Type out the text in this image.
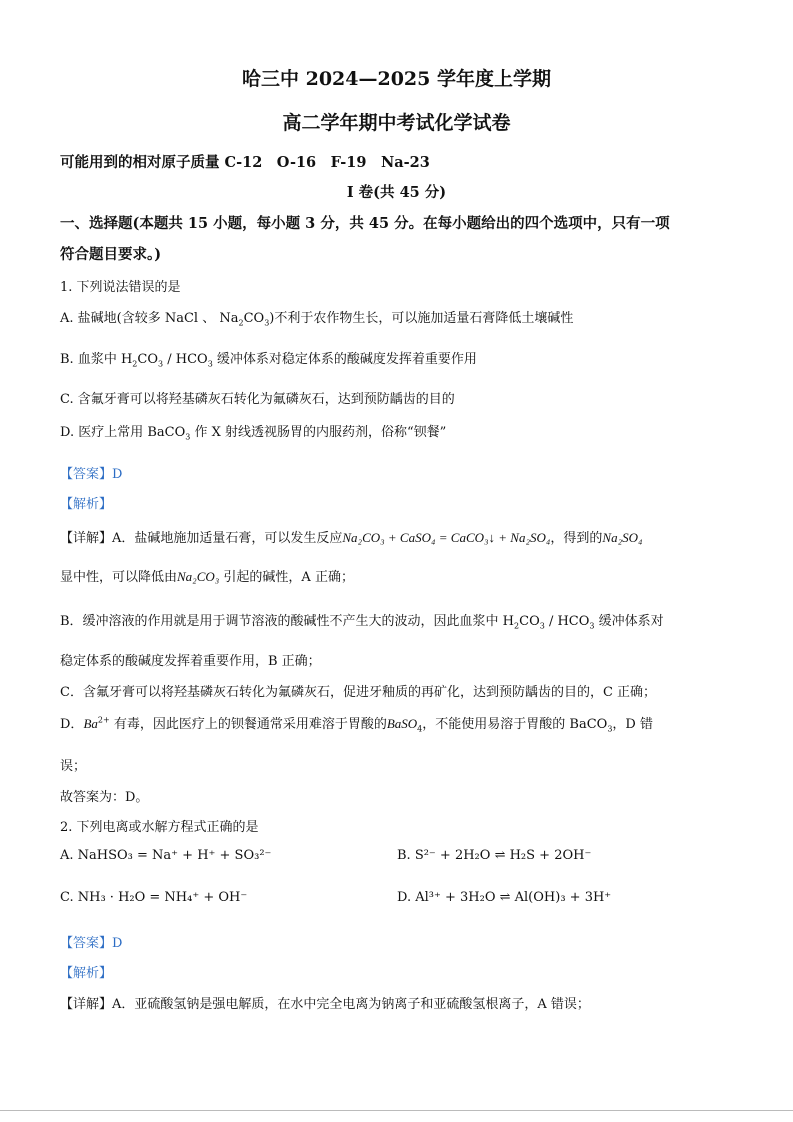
哈三中 2024—2025 学年度上学期
高二学年期中考试化学试卷
可能用到的相对原子质量 C-12　O-16　F-19　Na-23
I 卷(共 45 分)
一、选择题(本题共 15 小题，每小题 3 分，共 45 分。在每小题给出的四个选项中，只有一项
符合题目要求。)
1. 下列说法错误的是
A. 盐碱地(含较多 NaCl 、 $Na_2CO_3$)不利于农作物生长，可以施加适量石膏降低土壤碱性
B. 血浆中 $H_2CO_3 / HCO_3$ 缓冲体系对稳定体系的酸碱度发挥着重要作用
C. 含氟牙膏可以将羟基磷灰石转化为氟磷灰石，达到预防龋齿的目的
D. 医疗上常用 BaCO$_3$ 作 X 射线透视肠胃的内服药剂，俗称“钡餐”
【答案】D
【解析】
【详解】A．盐碱地施加适量石膏，可以发生反应Na₂CO₃ + CaSO₄ = CaCO₃↓ + Na₂SO₄，得到的Na₂SO₄
显中性，可以降低由Na₂CO₃ 引起的碱性，A 正确；
B．缓冲溶液的作用就是用于调节溶液的酸碱性不产生大的波动，因此血浆中 $H_2CO_3 / HCO_3$ 缓冲体系对
稳定体系的酸碱度发挥着重要作用，B 正确；
C．含氟牙膏可以将羟基磷灰石转化为氟磷灰石，促进牙釉质的再矿化，达到预防龋齿的目的，C 正确；
D．$Ba^{2+}$ 有毒，因此医疗上的钡餐通常采用难溶于胃酸的BaSO$_4$，不能使用易溶于胃酸的 BaCO$_3$，D 错
误；
故答案为：D。
2. 下列电离或水解方程式正确的是
A. NaHSO₃ = Na⁺ + H⁺ + SO₃²⁻	B. S²⁻ + 2H₂O ⇌ H₂S + 2OH⁻
C. NH₃ · H₂O = NH₄⁺ + OH⁻	D. Al³⁺ + 3H₂O ⇌ Al(OH)₃ + 3H⁺
【答案】D
【解析】
【详解】A．亚硫酸氢钠是强电解质，在水中完全电离为钠离子和亚硫酸氢根离子，A 错误；
